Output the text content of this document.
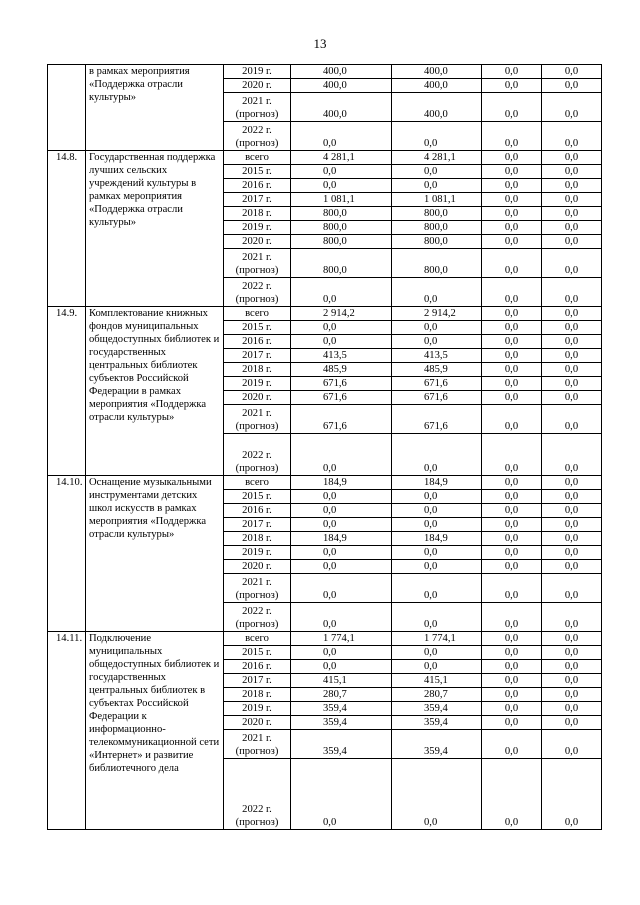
13
	в рамках мероприятия «Поддержка отрасли культуры»	2019 г.	400,0	400,0	0,0	0,0
		2020 г.	400,0	400,0	0,0	0,0
		2021 г. (прогноз)	400,0	400,0	0,0	0,0
		2022 г. (прогноз)	0,0	0,0	0,0	0,0
14.8.	Государственная поддержка лучших сельских учреждений культуры в рамках мероприятия «Поддержка отрасли культуры»	всего	4 281,1	4 281,1	0,0	0,0
		2015 г.	0,0	0,0	0,0	0,0
		2016 г.	0,0	0,0	0,0	0,0
		2017 г.	1 081,1	1 081,1	0,0	0,0
		2018 г.	800,0	800,0	0,0	0,0
		2019 г.	800,0	800,0	0,0	0,0
		2020 г.	800,0	800,0	0,0	0,0
		2021 г. (прогноз)	800,0	800,0	0,0	0,0
		2022 г. (прогноз)	0,0	0,0	0,0	0,0
14.9.	Комплектование книжных фондов муниципальных общедоступных библиотек и государственных центральных библиотек субъектов Российской Федерации в рамках мероприятия «Поддержка отрасли культуры»	всего	2 914,2	2 914,2	0,0	0,0
		2015 г.	0,0	0,0	0,0	0,0
		2016 г.	0,0	0,0	0,0	0,0
		2017 г.	413,5	413,5	0,0	0,0
		2018 г.	485,9	485,9	0,0	0,0
		2019 г.	671,6	671,6	0,0	0,0
		2020 г.	671,6	671,6	0,0	0,0
		2021 г. (прогноз)	671,6	671,6	0,0	0,0
		2022 г. (прогноз)	0,0	0,0	0,0	0,0
14.10.	Оснащение музыкальными инструментами детских школ искусств в рамках мероприятия «Поддержка отрасли культуры»	всего	184,9	184,9	0,0	0,0
		2015 г.	0,0	0,0	0,0	0,0
		2016 г.	0,0	0,0	0,0	0,0
		2017 г.	0,0	0,0	0,0	0,0
		2018 г.	184,9	184,9	0,0	0,0
		2019 г.	0,0	0,0	0,0	0,0
		2020 г.	0,0	0,0	0,0	0,0
		2021 г. (прогноз)	0,0	0,0	0,0	0,0
		2022 г. (прогноз)	0,0	0,0	0,0	0,0
14.11.	Подключение муниципальных общедоступных библиотек и государственных центральных библиотек в субъектах Российской Федерации к информационно-телекоммуникационной сети «Интернет» и развитие библиотечного дела	всего	1 774,1	1 774,1	0,0	0,0
		2015 г.	0,0	0,0	0,0	0,0
		2016 г.	0,0	0,0	0,0	0,0
		2017 г.	415,1	415,1	0,0	0,0
		2018 г.	280,7	280,7	0,0	0,0
		2019 г.	359,4	359,4	0,0	0,0
		2020 г.	359,4	359,4	0,0	0,0
		2021 г. (прогноз)	359,4	359,4	0,0	0,0
		2022 г. (прогноз)	0,0	0,0	0,0	0,0
